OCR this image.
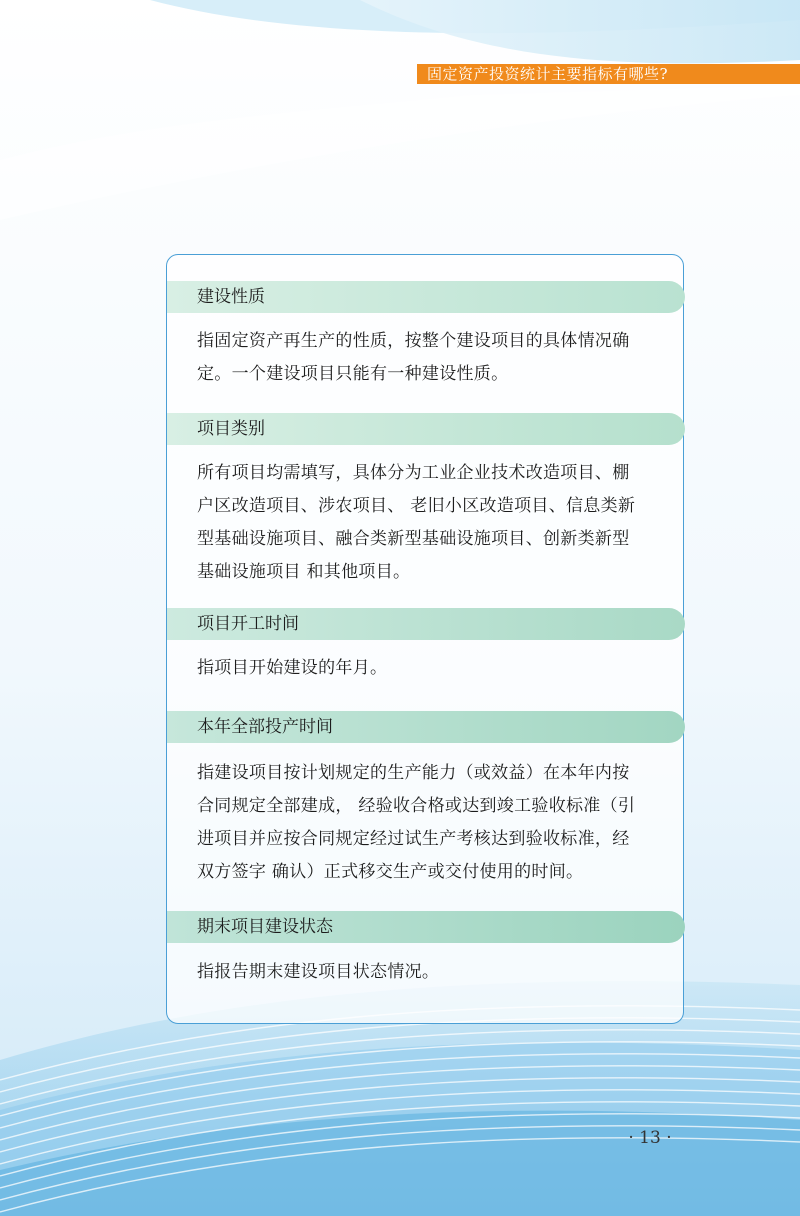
固定资产投资统计主要指标有哪些?
建设性质
指固定资产再生产的性质，按整个建设项目的具体情况确
定。一个建设项目只能有一种建设性质。
项目类别
所有项目均需填写，具体分为工业企业技术改造项目、棚
户区改造项目、涉农项目、 老旧小区改造项目、信息类新
型基础设施项目、融合类新型基础设施项目、创新类新型
基础设施项目 和其他项目。
项目开工时间
指项目开始建设的年月。
本年全部投产时间
指建设项目按计划规定的生产能力（或效益）在本年内按
合同规定全部建成， 经验收合格或达到竣工验收标准（引
进项目并应按合同规定经过试生产考核达到验收标准，经
双方签字 确认）正式移交生产或交付使用的时间。
期末项目建设状态
指报告期末建设项目状态情况。
· 13 ·
